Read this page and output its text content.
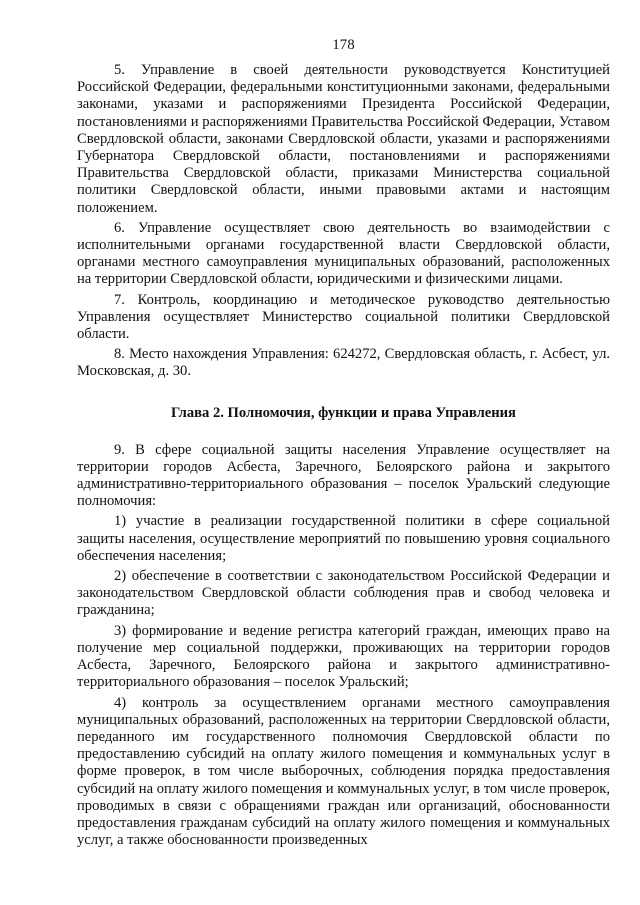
178

5. Управление в своей деятельности руководствуется Конституцией Российской Федерации, федеральными конституционными законами, федеральными законами, указами и распоряжениями Президента Российской Федерации, постановлениями и распоряжениями Правительства Российской Федерации, Уставом Свердловской области, законами Свердловской области, указами и распоряжениями Губернатора Свердловской области, постановлениями и распоряжениями Правительства Свердловской области, приказами Министерства социальной политики Свердловской области, иными правовыми актами и настоящим положением.

6. Управление осуществляет свою деятельность во взаимодействии с исполнительными органами государственной власти Свердловской области, органами местного самоуправления муниципальных образований, расположенных на территории Свердловской области, юридическими и физическими лицами.

7. Контроль, координацию и методическое руководство деятельностью Управления осуществляет Министерство социальной политики Свердловской области.

8. Место нахождения Управления: 624272, Свердловская область, г. Асбест, ул. Московская, д. 30.

Глава 2. Полномочия, функции и права Управления

9. В сфере социальной защиты населения Управление осуществляет на территории городов Асбеста, Заречного, Белоярского района и закрытого административно-территориального образования – поселок Уральский следующие полномочия:

1) участие в реализации государственной политики в сфере социальной защиты населения, осуществление мероприятий по повышению уровня социального обеспечения населения;

2) обеспечение в соответствии с законодательством Российской Федерации и законодательством Свердловской области соблюдения прав и свобод человека и гражданина;

3) формирование и ведение регистра категорий граждан, имеющих право на получение мер социальной поддержки, проживающих на территории городов Асбеста, Заречного, Белоярского района и закрытого административно-территориального образования – поселок Уральский;

4) контроль за осуществлением органами местного самоуправления муниципальных образований, расположенных на территории Свердловской области, переданного им государственного полномочия Свердловской области по предоставлению субсидий на оплату жилого помещения и коммунальных услуг в форме проверок, в том числе выборочных, соблюдения порядка предоставления субсидий на оплату жилого помещения и коммунальных услуг, в том числе проверок, проводимых в связи с обращениями граждан или организаций, обоснованности предоставления гражданам субсидий на оплату жилого помещения и коммунальных услуг, а также обоснованности произведенных
